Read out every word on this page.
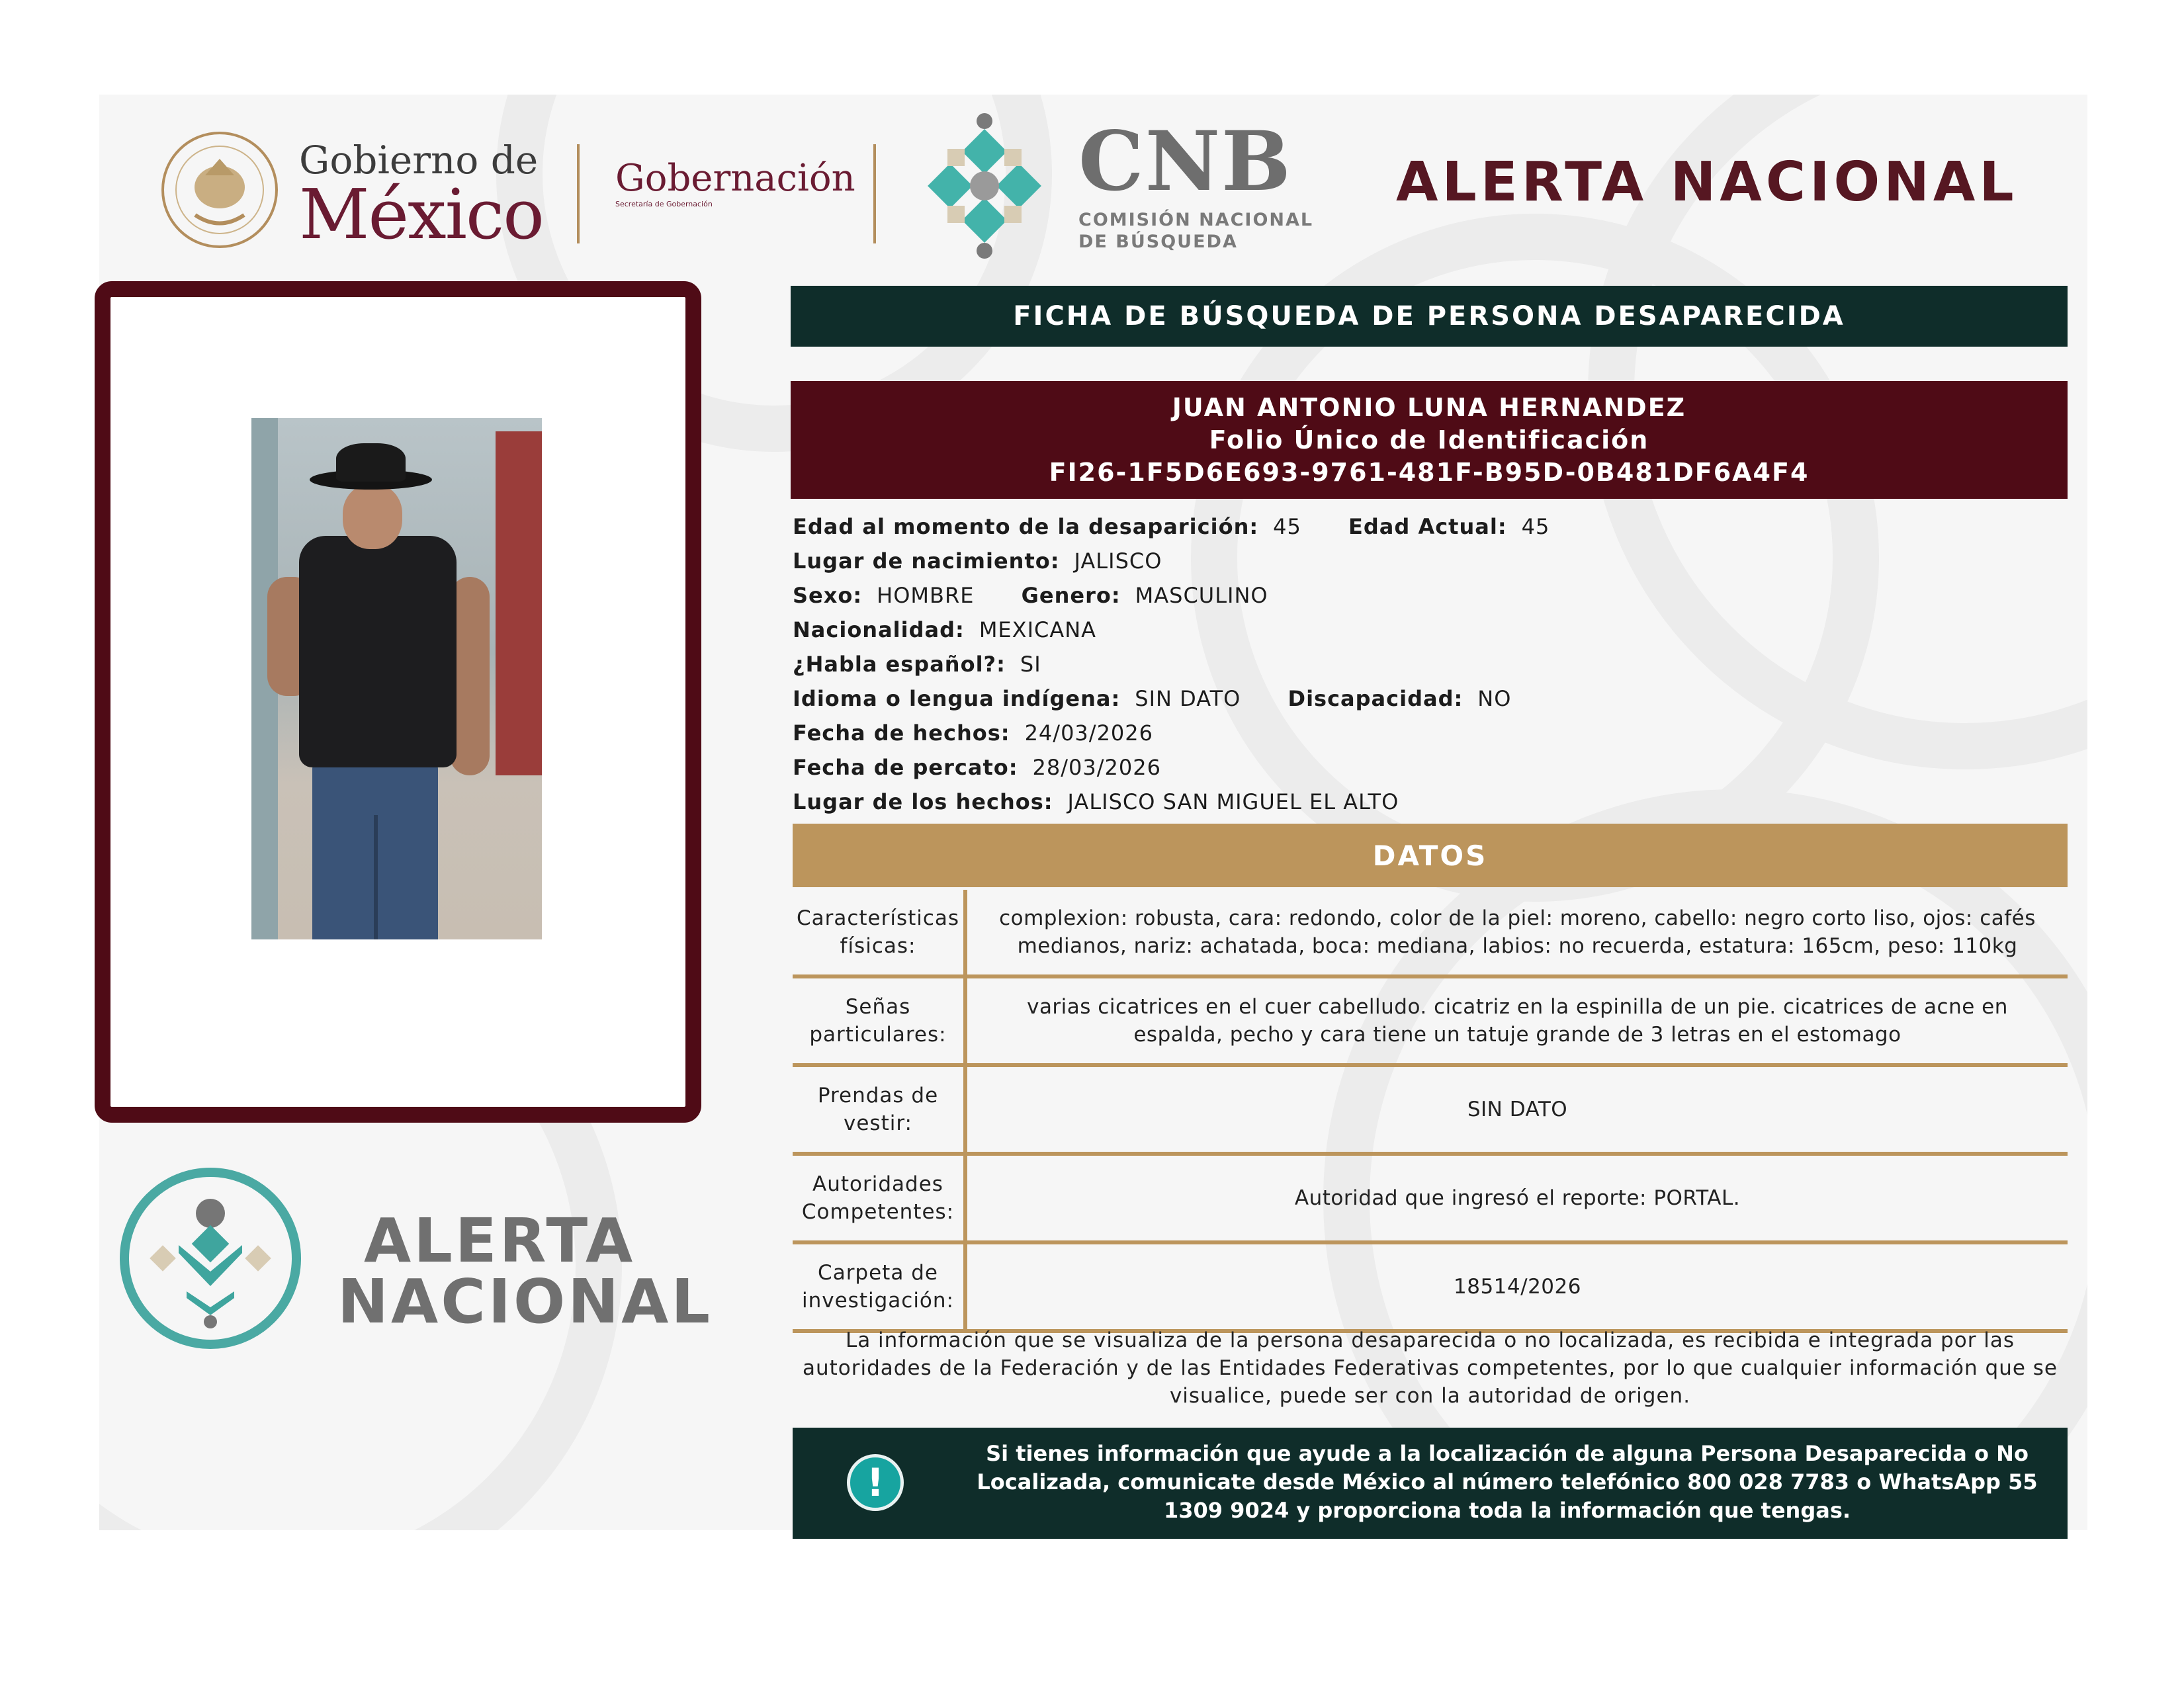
Gobierno de
México Gobernación
Secretaría de Gobernación	CNB
COMISIÓN NACIONAL
DE BÚSQUEDA
ALERTA NACIONAL
ALERTA
NACIONAL
FICHA DE BÚSQUEDA DE PERSONA DESAPARECIDA
JUAN ANTONIO LUNA HERNANDEZ
Folio Único de Identificación
FI26-1F5D6E693-9761-481F-B95D-0B481DF6A4F4
Edad al momento de la desaparición: 45 Edad Actual: 45
Lugar de nacimiento: JALISCO
Sexo: HOMBRE Genero: MASCULINO
Nacionalidad: MEXICANA
¿Habla español?: SI
Idioma o lengua indígena: SIN DATO Discapacidad: NO
Fecha de hechos: 24/03/2026
Fecha de percato: 28/03/2026
Lugar de los hechos: JALISCO SAN MIGUEL EL ALTO
DATOS
Características físicas:
complexion: robusta, cara: redondo, color de la piel: moreno, cabello: negro corto liso, ojos: cafés medianos, nariz: achatada, boca: mediana, labios: no recuerda, estatura: 165cm, peso: 110kg
Señas particulares:
varias cicatrices en el cuer cabelludo. cicatriz en la espinilla de un pie. cicatrices de acne en espalda, pecho y cara tiene un tatuje grande de 3 letras en el estomago
Prendas de vestir:
SIN DATO
Autoridades Competentes:
Autoridad que ingresó el reporte: PORTAL.
Carpeta de investigación:
18514/2026
La información que se visualiza de la persona desaparecida o no localizada, es recibida e integrada por las autoridades de la Federación y de las Entidades Federativas competentes, por lo que cualquier información que se visualice, puede ser con la autoridad de origen.
!
Si tienes información que ayude a la localización de alguna Persona Desaparecida o No Localizada, comunicate desde México al número telefónico 800 028 7783 o WhatsApp 55 1309 9024 y proporciona toda la información que tengas.
